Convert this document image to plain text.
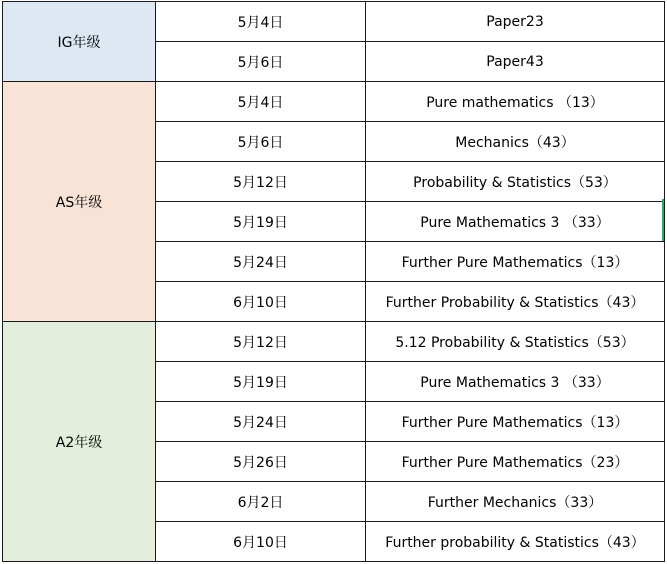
IG年级	5月4日	Paper23
	5月6日	Paper43
AS年级	5月4日	Pure mathematics （13）
	5月6日	Mechanics（43）
	5月12日	Probability & Statistics（53）
	5月19日	Pure Mathematics 3 （33）
	5月24日	Further Pure Mathematics（13）
	6月10日	Further Probability & Statistics（43）
A2年级	5月12日	5.12 Probability & Statistics（53）
	5月19日	Pure Mathematics 3 （33）
	5月24日	Further Pure Mathematics（13）
	5月26日	Further Pure Mathematics（23）
	6月2日	Further Mechanics（33）
	6月10日	Further probability & Statistics（43）
